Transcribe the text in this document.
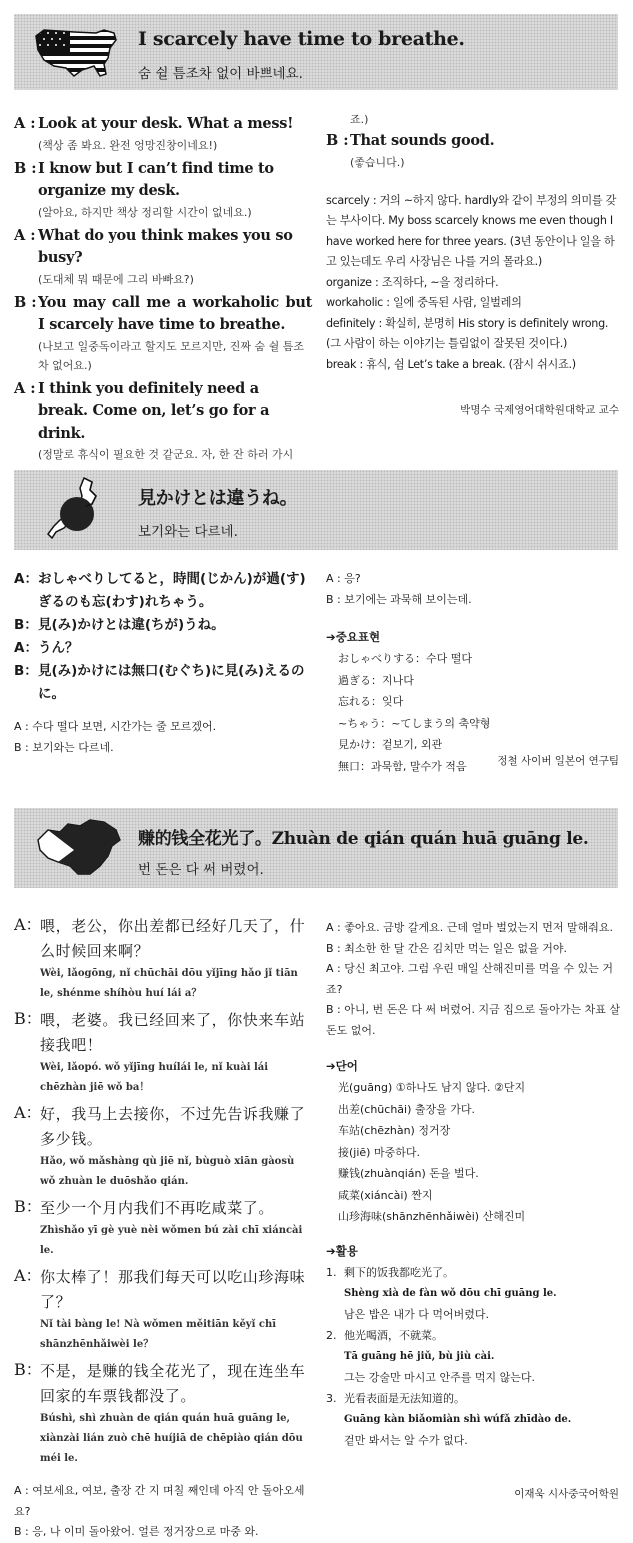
I scarcely have time to breathe.
숨 쉴 틈조차 없이 바쁘네요.
A : Look at your desk. What a mess!
(책상 좀 봐요. 완전 엉망진창이네요!)
B : I know but I can’t find time to organize my desk.
(알아요, 하지만 책상 정리할 시간이 없네요.)
A : What do you think makes you so busy?
(도대체 뭐 때문에 그리 바빠요?)
B : You may call me a workaholic but I scarcely have time to breathe.
(나보고 일중독이라고 할지도 모르지만, 진짜 숨 쉴 틈조차 없어요.)
A : I think you definitely need a break. Come on, let’s go for a drink.
(정말로 휴식이 필요한 것 같군요. 자, 한 잔 하러 가시
죠.)
B : That sounds good.
(좋습니다.)
scarcely : 거의 ~하지 않다. hardly와 같이 부정의 의미를 갖는 부사이다. My boss scarcely knows me even though I have worked here for three years. (3년 동안이나 일을 하고 있는데도 우리 사장님은 나를 거의 몰라요.)
organize : 조직하다, ~을 정리하다.
workaholic : 일에 중독된 사람, 일벌레의
definitely : 확실히, 분명히 His story is definitely wrong. (그 사람이 하는 이야기는 틀림없이 잘못된 것이다.)
break : 휴식, 쉼 Let’s take a break. (잠시 쉬시죠.)
박명수 국제영어대학원대학교 교수
見かけとは違うね。
보기와는 다르네.
A： おしゃべりしてると，時間(じかん)が過(す)ぎるのも忘(わす)れちゃう。
B： 見(み)かけとは違(ちが)うね。
A： うん？
B： 見(み)かけには無口(むぐち)に見(み)えるのに。
A : 수다 떨다 보면, 시간가는 줄 모르겠어.
B : 보기와는 다르네.
A : 응?
B : 보기에는 과묵해 보이는데.
➔중요표현
おしゃべりする：수다 떨다
過ぎる：지나다
忘れる：잊다
~ちゃう：~てしまう의 축약형
見かけ：겉보기, 외관
無口：과묵함, 말수가 적음	정철 사이버 일본어 연구팀
赚的钱全花光了。Zhuàn de qián quán huā guāng le.
번 돈은 다 써 버렸어.
A：
喂，老公，你出差都已经好几天了，什么时候回来啊？
Wèi, lǎogōng, nǐ chūchāi dōu yǐjīng hǎo jǐ tiān le, shénme shíhòu huí lái a？
B：
喂，老婆。我已经回来了，你快来车站接我吧！
Wèi, lǎopó. wǒ yǐjīng huílái le, nǐ kuài lái chēzhàn jiē wǒ ba！
A：
好，我马上去接你，不过先告诉我赚了多少钱。
Hǎo, wǒ mǎshàng qù jiē nǐ, bùguò xiān gàosù wǒ zhuàn le duōshǎo qián.
B：
至少一个月内我们不再吃咸菜了。
Zhìshǎo yī gè yuè nèi wǒmen bú zài chī xiáncài le.
A：
你太棒了！那我们每天可以吃山珍海味了？
Nǐ tài bàng le! Nà wǒmen měitiān kěyǐ chī shānzhēnhǎiwèi le？
B：
不是，是赚的钱全花光了，现在连坐车回家的车票钱都没了。
Búshì, shì zhuàn de qián quán huā guāng le, xiànzài lián zuò chē huíjiā de chēpiào qián dōu méi le.
A : 여보세요, 여보, 출장 간 지 며칠 째인데 아직 안 돌아오세요?
B : 응, 나 이미 돌아왔어. 얼른 정거장으로 마중 와.
A : 좋아요. 금방 갈게요. 근데 얼마 벌었는지 먼저 말해줘요.
B : 최소한 한 달 간은 김치만 먹는 일은 없을 거야.
A : 당신 최고야. 그럼 우린 매일 산해진미를 먹을 수 있는 거죠?
B : 아니, 번 돈은 다 써 버렸어. 지금 집으로 돌아가는 차표 살 돈도 없어.
➔단어
光(guāng) ①하나도 남지 않다. ②단지
出差(chūchāi) 출장을 가다.
车站(chēzhàn) 정거장
接(jiē) 마중하다.
赚钱(zhuànqián) 돈을 벌다.
咸菜(xiáncài) 짠지
山珍海味(shānzhēnhǎiwèi) 산해진미
➔활용
1. 剩下的饭我都吃光了。
Shèng xià de fàn wǒ dōu chī guāng le.
남은 밥은 내가 다 먹어버렸다.
2. 他光喝酒，不就菜。
Tā guāng hē jiǔ, bù jiù cài.
그는 강술만 마시고 안주를 먹지 않는다.
3. 光看表面是无法知道的。
Guāng kàn biǎomiàn shì wúfǎ zhīdào de.
겉만 봐서는 알 수가 없다.
이재욱 시사중국어학원
